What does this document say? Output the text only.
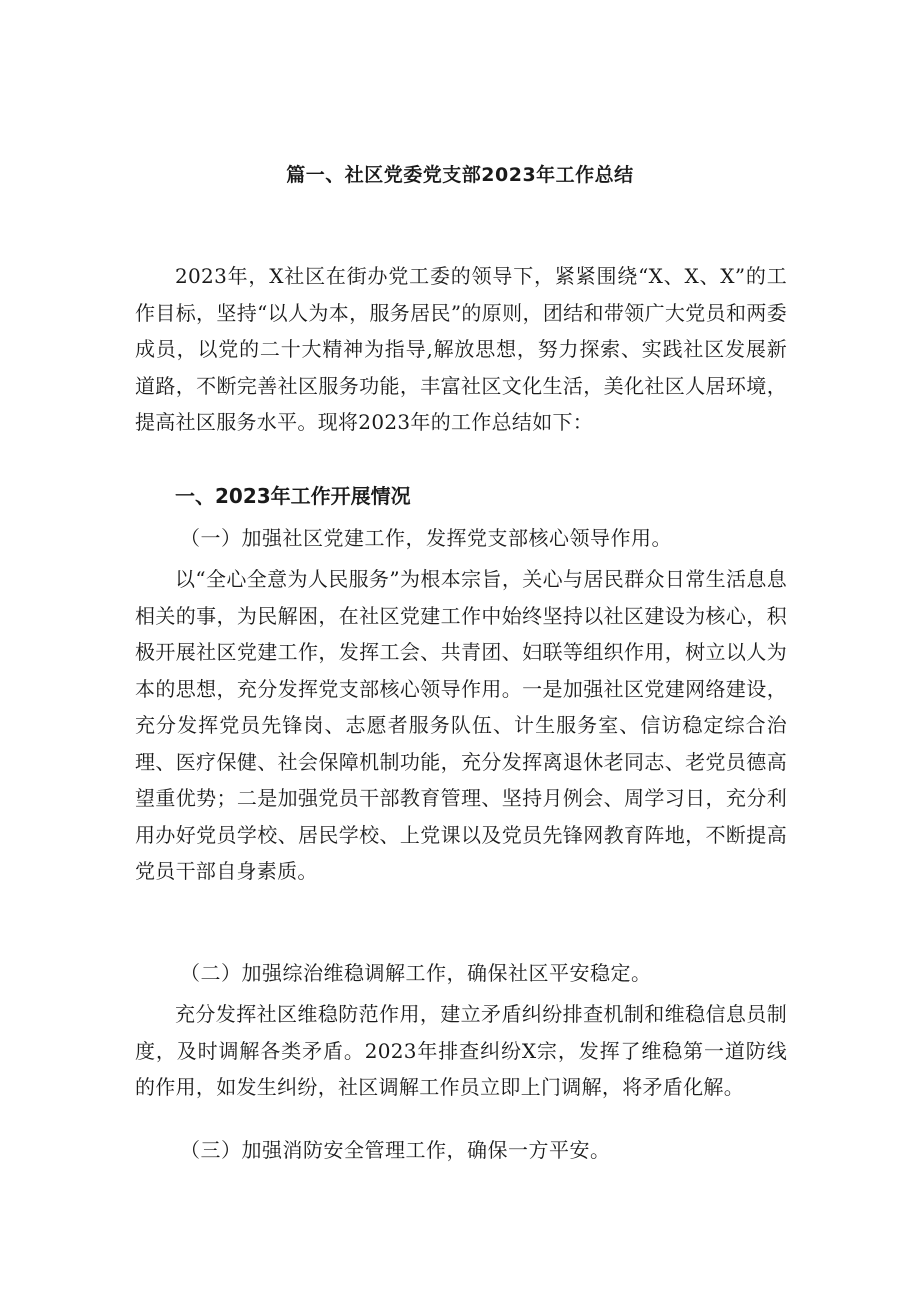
篇一、社区党委党支部2023年工作总结

2023年，X社区在街办党工委的领导下，紧紧围绕“X、X、X”的工作目标，坚持“以人为本，服务居民”的原则，团结和带领广大党员和两委成员，以党的二十大精神为指导,解放思想，努力探索、实践社区发展新道路，不断完善社区服务功能，丰富社区文化生活，美化社区人居环境，提高社区服务水平。现将2023年的工作总结如下：

一、2023年工作开展情况

（一）加强社区党建工作，发挥党支部核心领导作用。

以“全心全意为人民服务”为根本宗旨，关心与居民群众日常生活息息相关的事，为民解困，在社区党建工作中始终坚持以社区建设为核心，积极开展社区党建工作，发挥工会、共青团、妇联等组织作用，树立以人为本的思想，充分发挥党支部核心领导作用。一是加强社区党建网络建设，充分发挥党员先锋岗、志愿者服务队伍、计生服务室、信访稳定综合治理、医疗保健、社会保障机制功能，充分发挥离退休老同志、老党员德高望重优势；二是加强党员干部教育管理、坚持月例会、周学习日，充分利用办好党员学校、居民学校、上党课以及党员先锋网教育阵地，不断提高党员干部自身素质。

（二）加强综治维稳调解工作，确保社区平安稳定。

充分发挥社区维稳防范作用，建立矛盾纠纷排查机制和维稳信息员制度，及时调解各类矛盾。2023年排查纠纷X宗，发挥了维稳第一道防线的作用，如发生纠纷，社区调解工作员立即上门调解，将矛盾化解。

（三）加强消防安全管理工作，确保一方平安。
